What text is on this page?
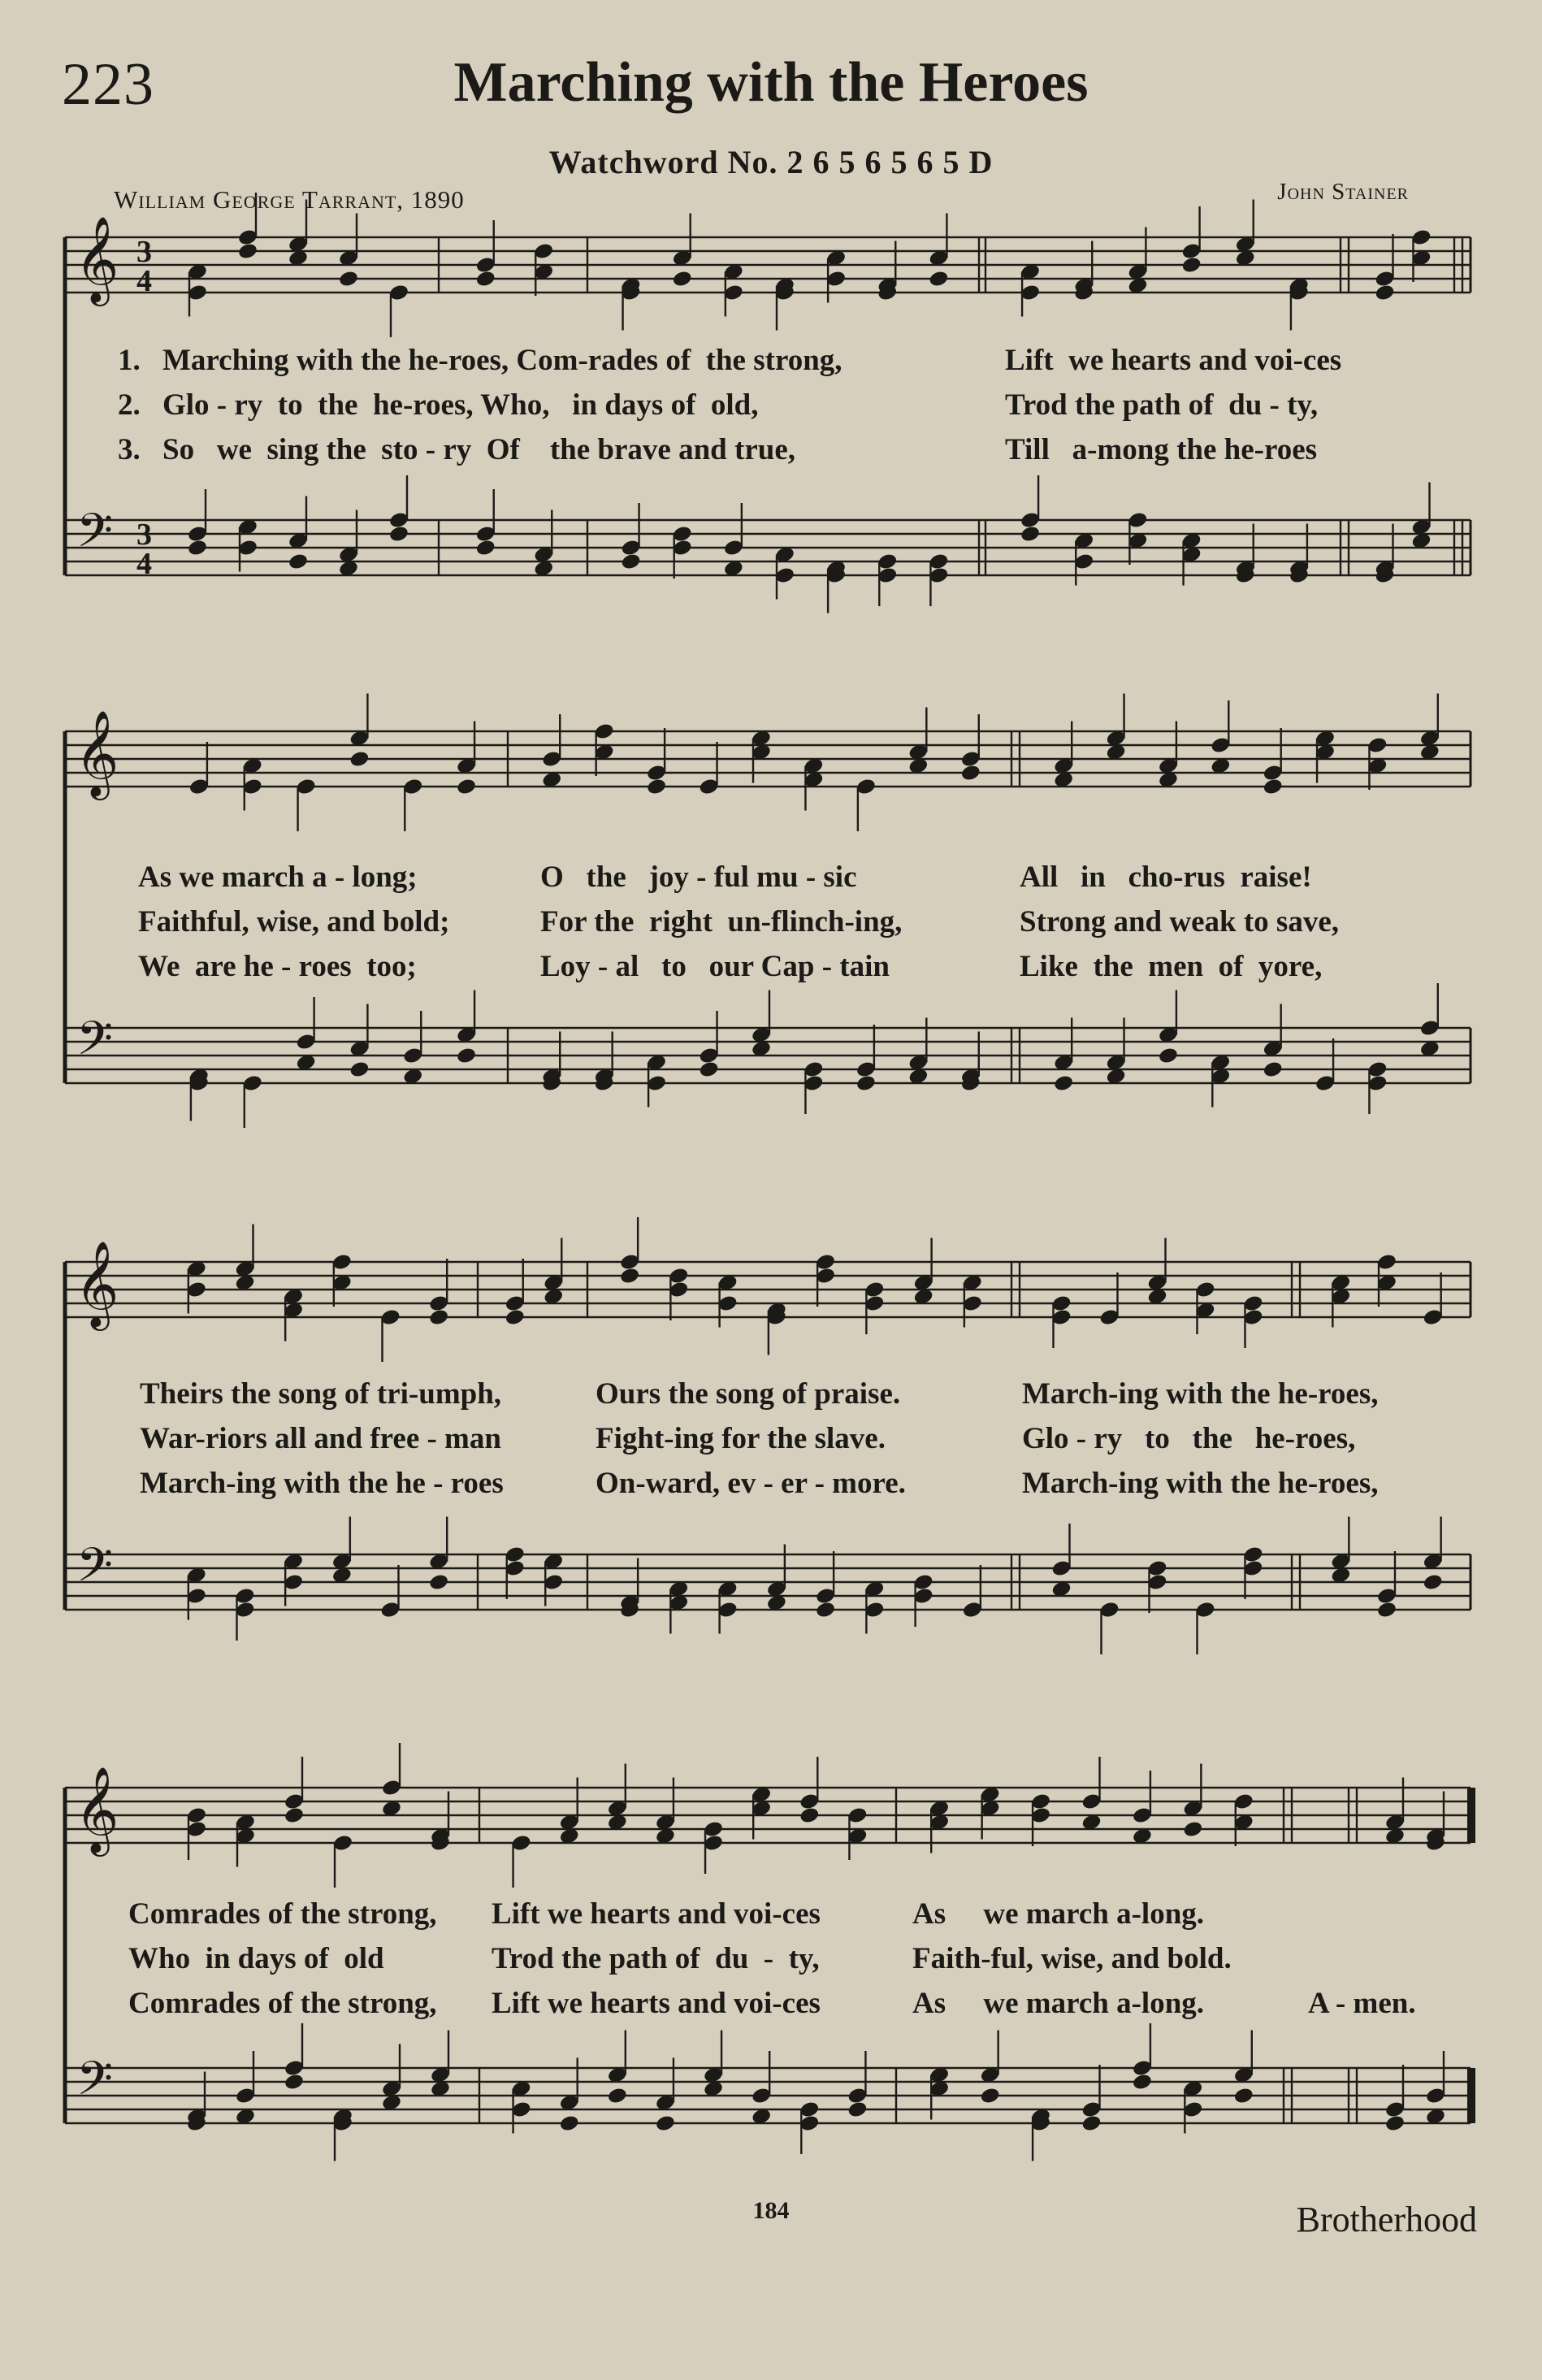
223	Marching with the Heroes
Watchword No. 2 6 5 6 5 6 5 D
William George Tarrant, 1890	John Stainer
𝄞
𝄢
3
4
3
4
𝄞
𝄢
𝄞
𝄢
𝄞
𝄢
184	Brotherhood
1. Marching with the he-roes, Com-rades of  the strong,	Lift  we hearts and voi-ces
2. Glo - ry  to  the  he-roes, Who,   in days of  old,	Trod the path of  du - ty,
3. So   we  sing the  sto - ry  Of    the brave and true,	Till   a-mong the he-roes
As we march a - long;	O   the   joy - ful mu - sic	All   in   cho-rus  raise!
Faithful, wise, and bold;	For the  right  un-flinch-ing,	Strong and weak to save,
We  are he - roes  too;	Loy - al   to   our Cap - tain	Like  the  men  of  yore,
Theirs the song of tri-umph,	Ours the song of praise.	March-ing with the he-roes,
War-riors all and free - man	Fight-ing for the slave.	Glo - ry   to   the   he-roes,
March-ing with the he - roes	On-ward, ev - er - more.	March-ing with the he-roes,
Comrades of the strong, Lift we hearts and voi-ces	As     we march a-long.
Who  in days of  old	Trod the path of  du  -  ty,	Faith-ful, wise, and bold.
Comrades of the strong, Lift we hearts and voi-ces	As     we march a-long.	A - men.
